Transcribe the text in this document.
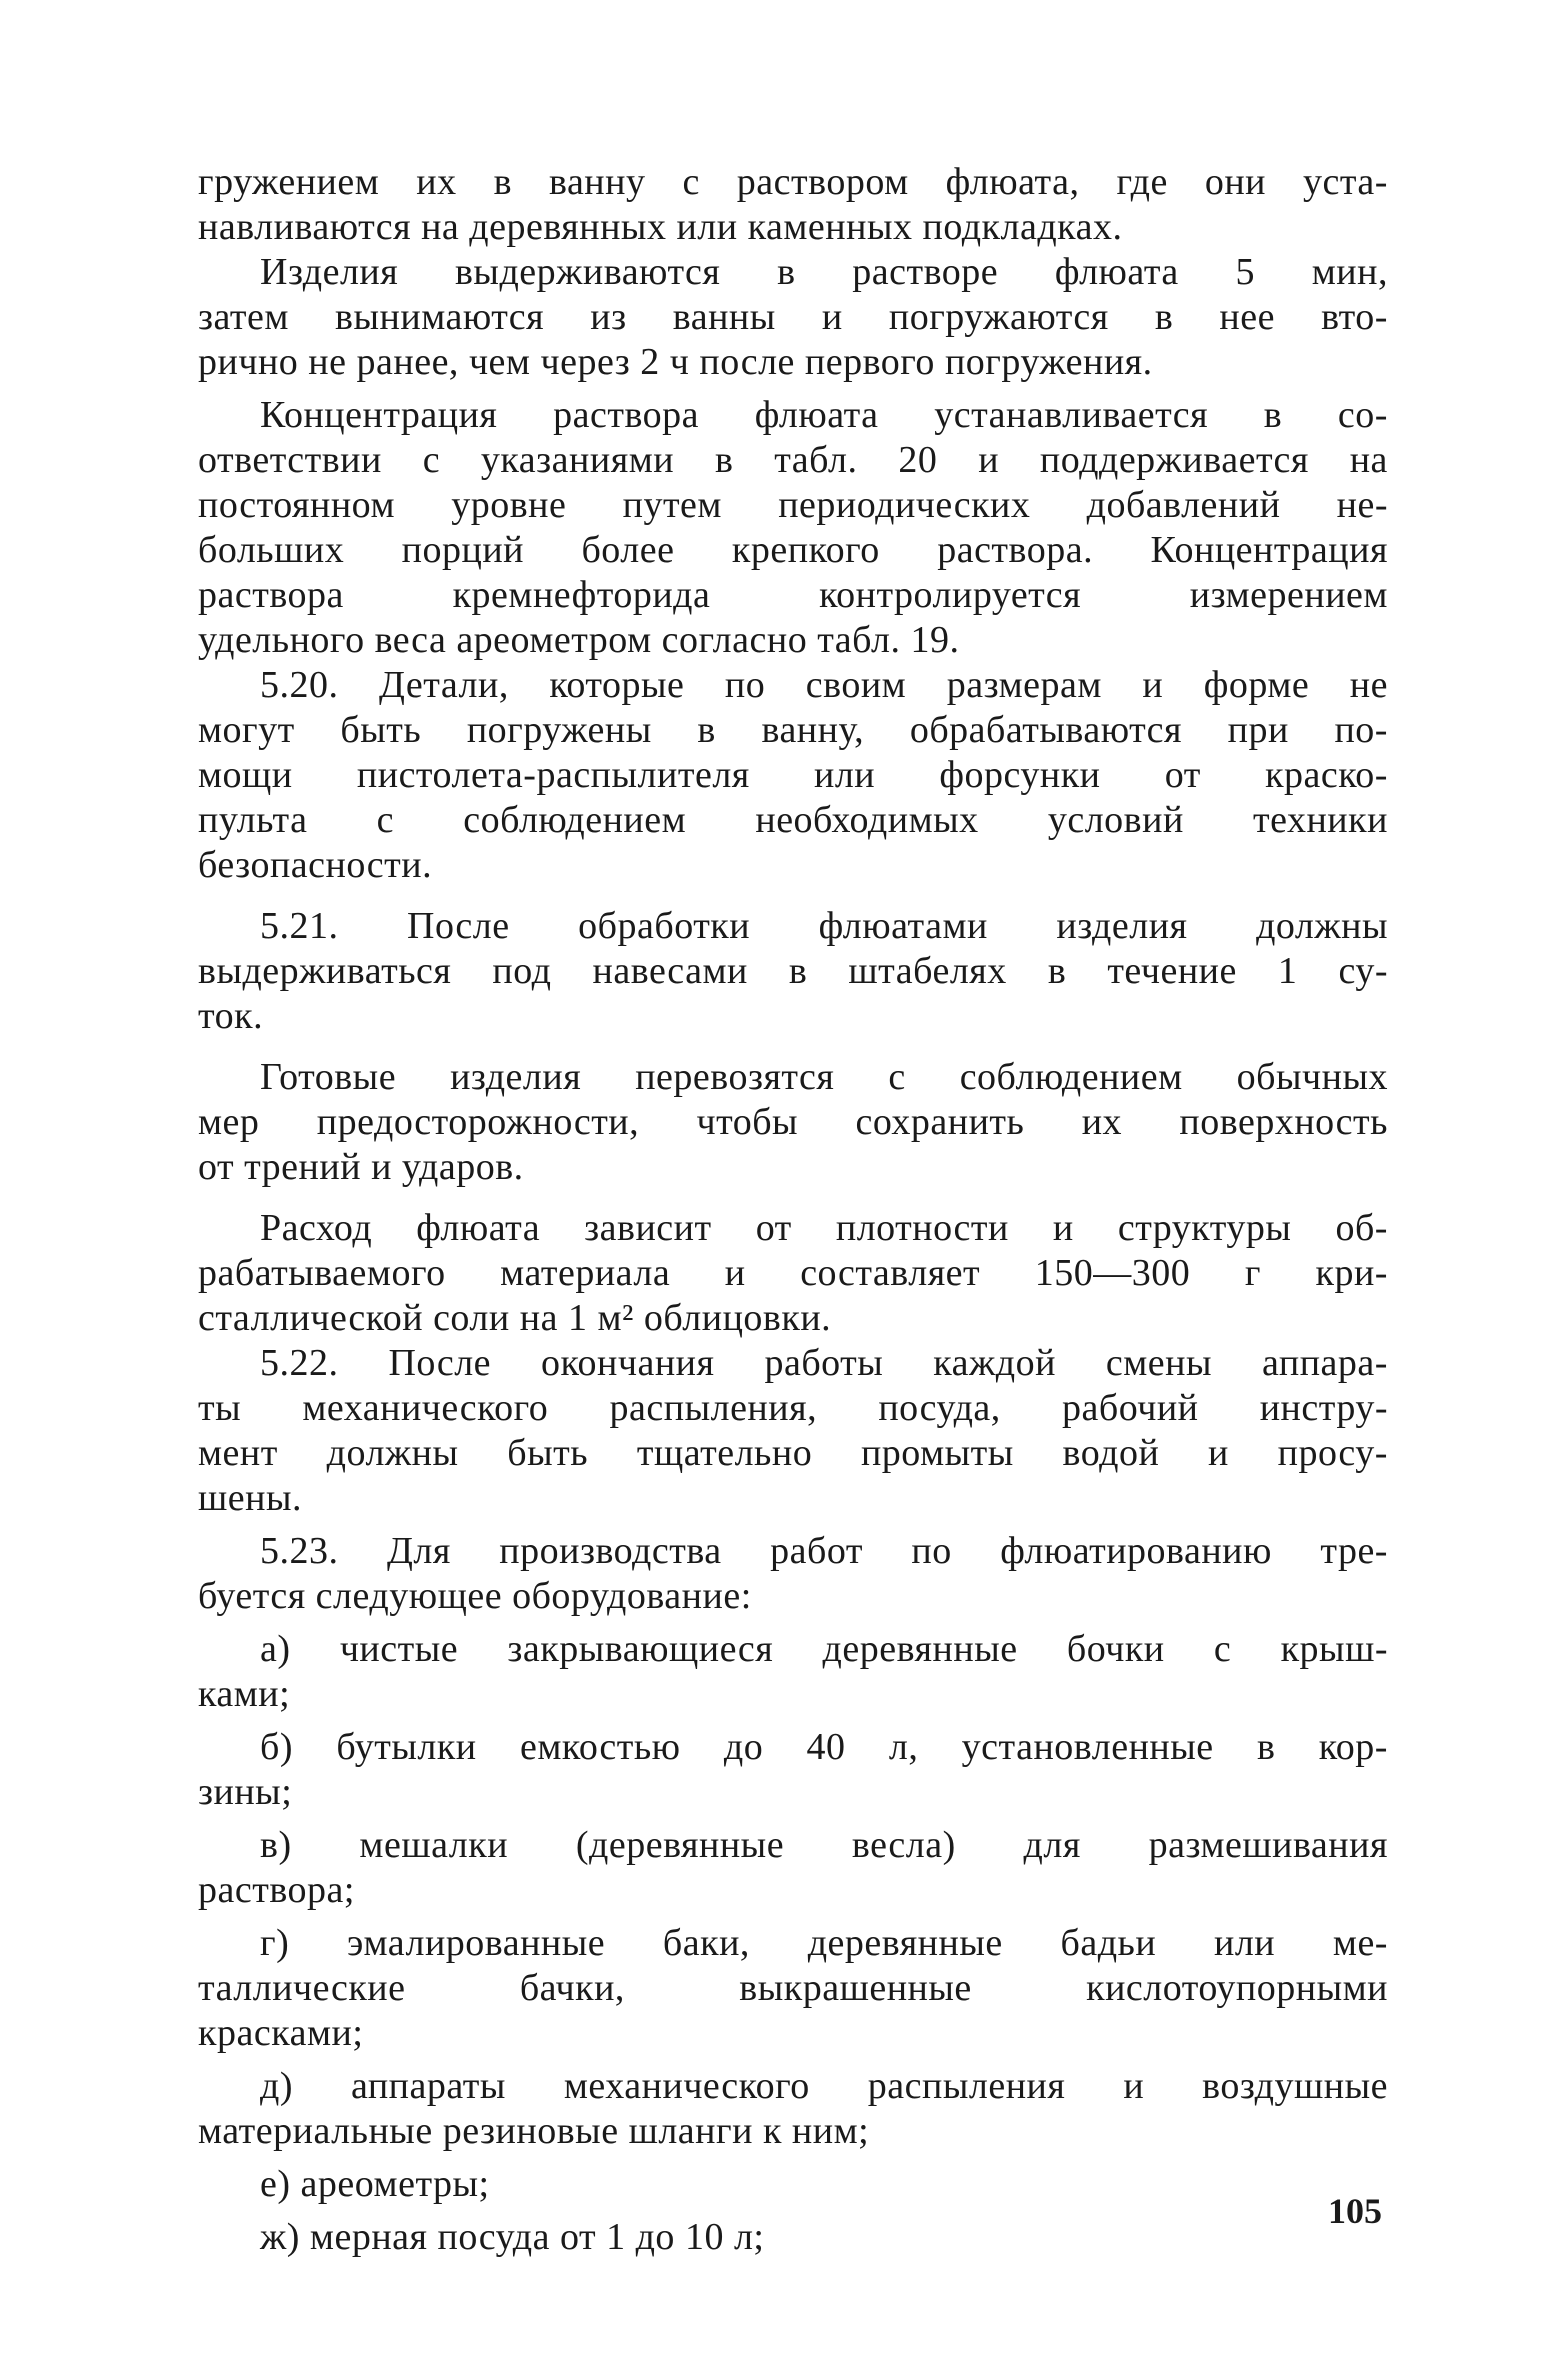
гружением их в ванну с раствором флюата, где они уста-
навливаются на деревянных или каменных подкладках.
Изделия выдерживаются в растворе флюата 5 мин,
затем вынимаются из ванны и погружаются в нее вто-
рично не ранее, чем через 2 ч после первого погружения.
Концентрация раствора флюата устанавливается в со-
ответствии с указаниями в табл. 20 и поддерживается на
постоянном уровне путем периодических добавлений не-
больших порций более крепкого раствора. Концентрация
раствора	кремнефторида	контролируется	измерением
удельного веса ареометром согласно табл. 19.
5.20. Детали, которые по своим размерам и форме не
могут быть погружены в ванну, обрабатываются при по-
мощи пистолета-распылителя или форсунки от краско-
пульта с соблюдением необходимых условий техники
безопасности.
5.21. После обработки флюатами изделия должны
выдерживаться под навесами в штабелях в течение 1 су-
ток.
Готовые изделия перевозятся с соблюдением обычных
мер предосторожности, чтобы сохранить их поверхность
от трений и ударов.
Расход флюата зависит от плотности и структуры об-
рабатываемого материала и составляет 150—300 г кри-
сталлической соли на 1 м² облицовки.
5.22. После окончания работы каждой смены аппара-
ты механического распыления, посуда, рабочий инстру-
мент должны быть тщательно промыты водой и просу-
шены.
5.23. Для производства работ по флюатированию тре-
буется следующее оборудование:
а) чистые закрывающиеся деревянные бочки с крыш-
ками;
б) бутылки емкостью до 40 л, установленные в кор-
зины;
в) мешалки (деревянные весла) для размешивания
раствора;
г) эмалированные баки, деревянные бадьи или ме-
таллические	бачки,	выкрашенные	кислотоупорными
красками;
д) аппараты механического распыления и воздушные
материальные резиновые шланги к ним;
е) ареометры;
ж) мерная посуда от 1 до 10 л;
105
